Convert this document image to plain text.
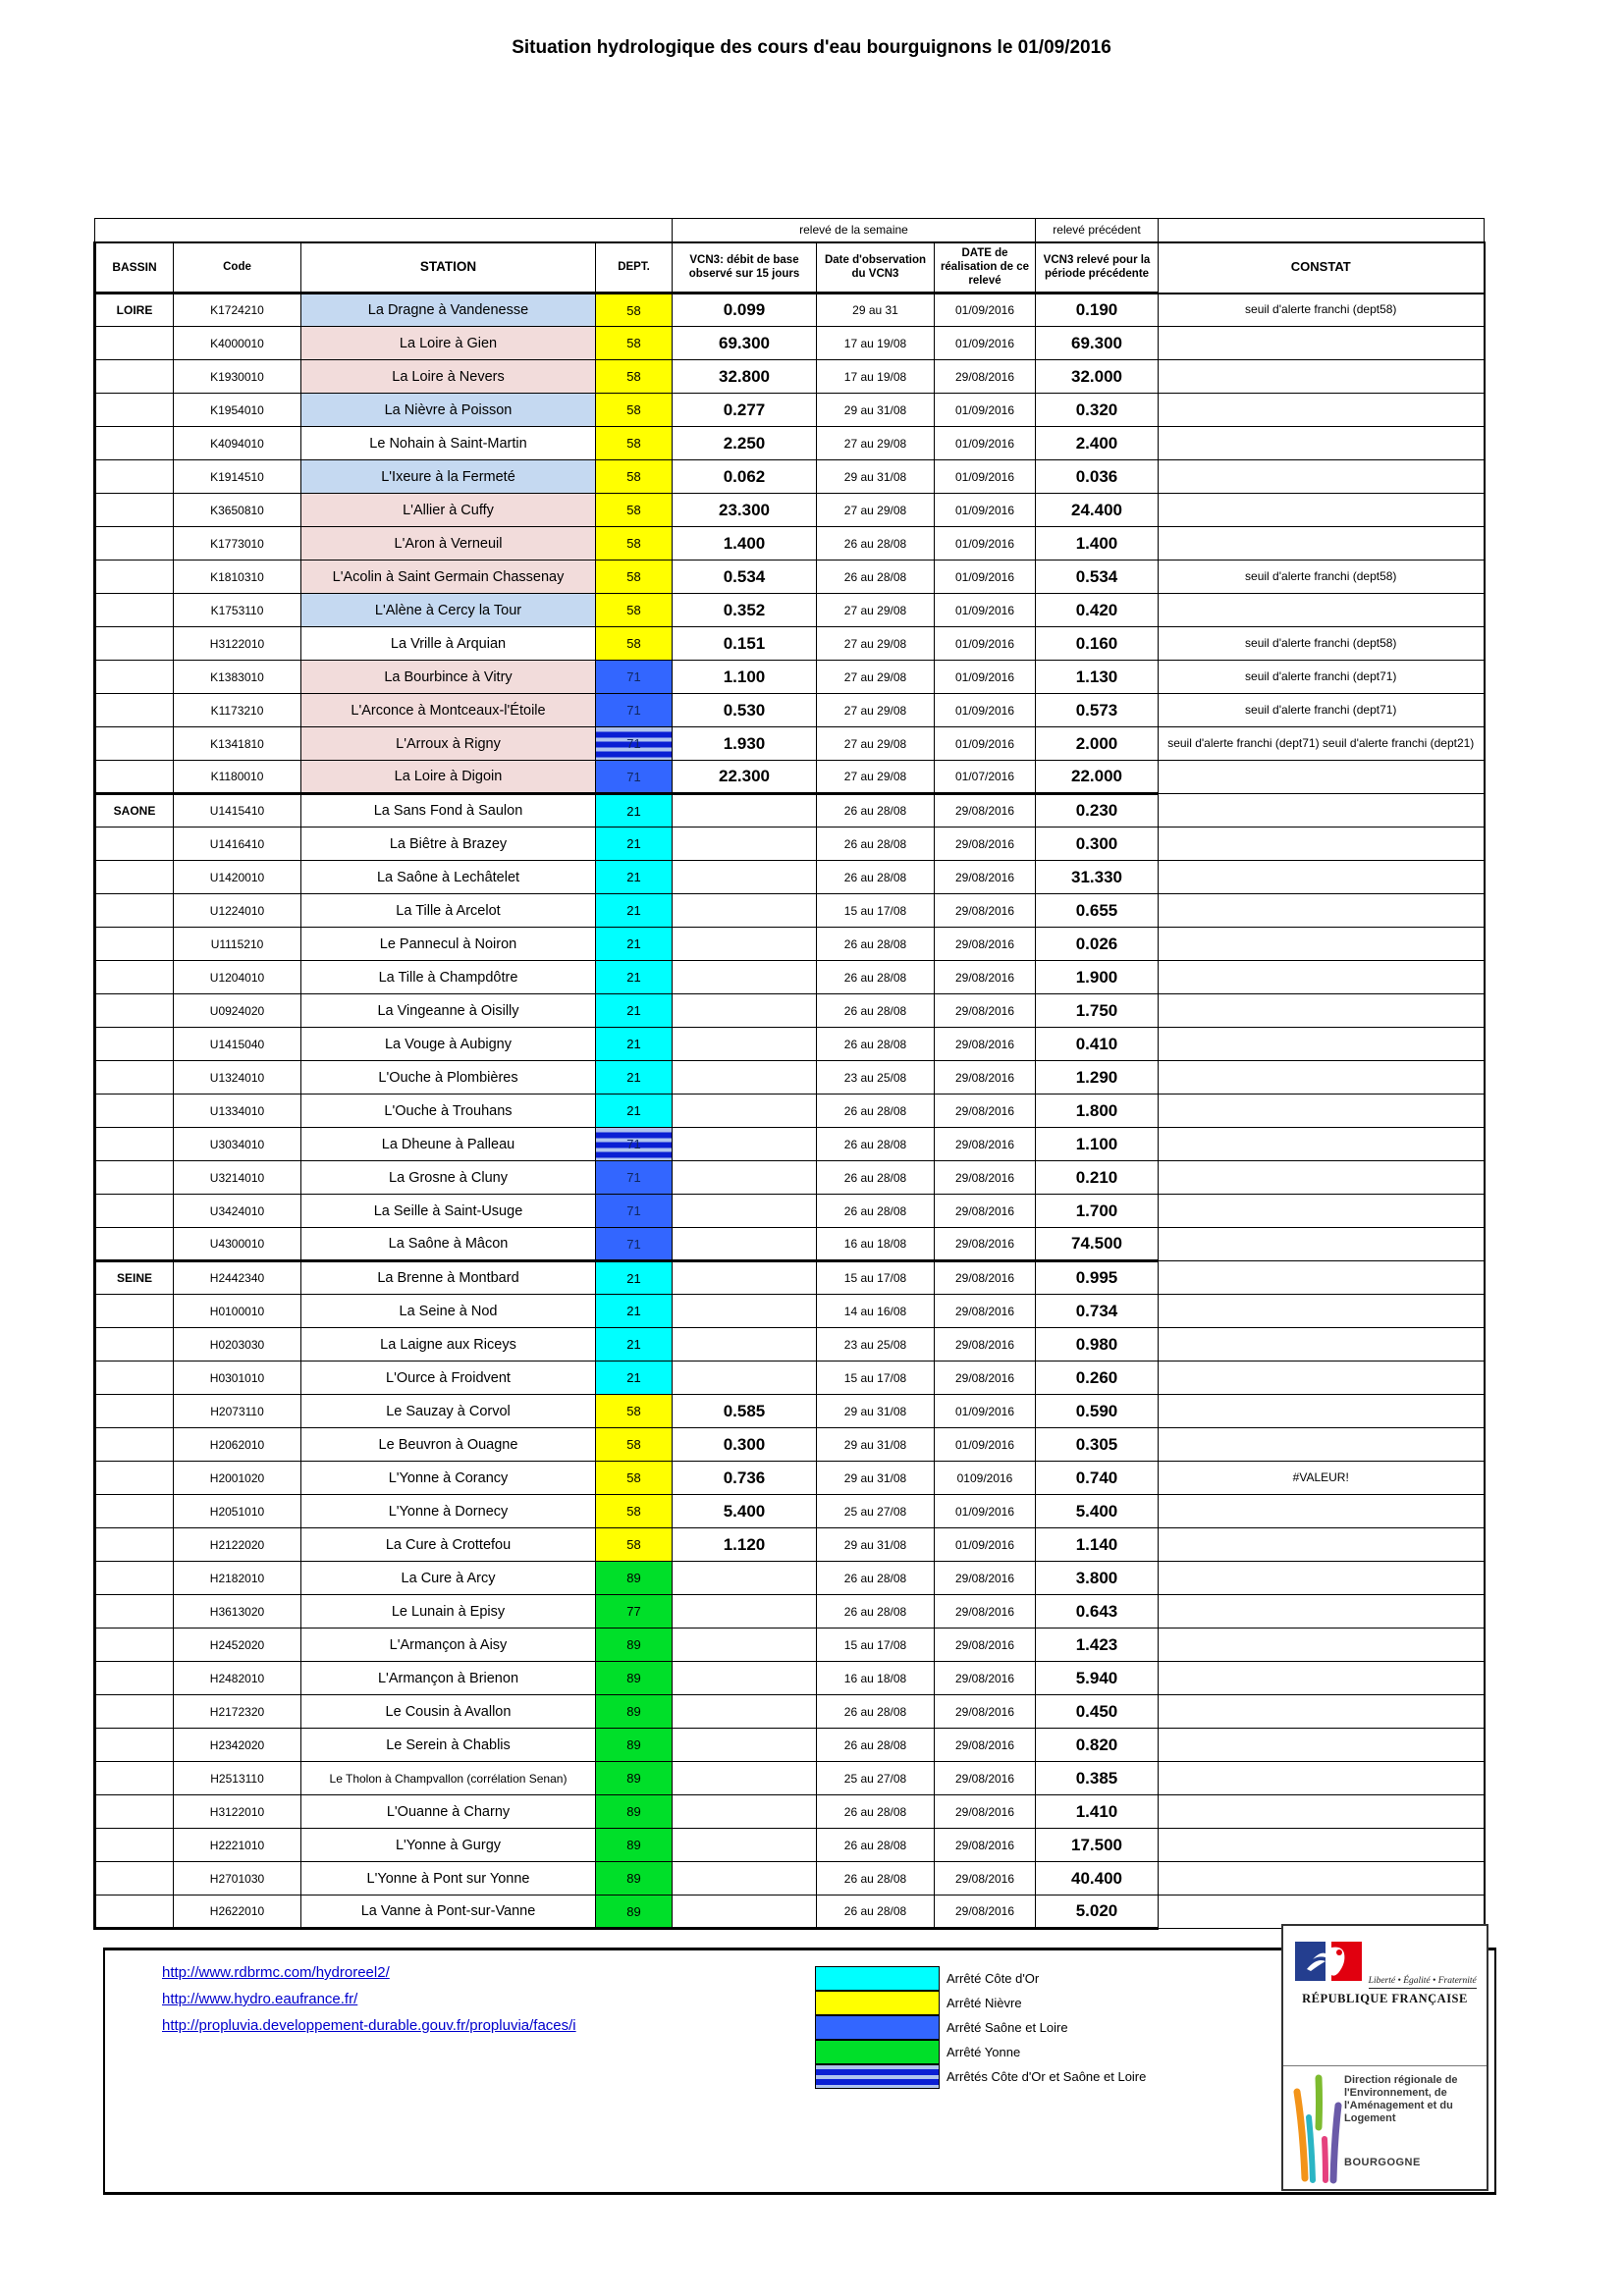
Situation hydrologique des cours d'eau bourguignons le 01/09/2016
				relevé de la semaine			relevé précédent	
BASSIN	Code	STATION	DEPT.	VCN3: débit de base observé sur 15 jours	Date d'observation du VCN3	DATE de réalisation de ce relevé	VCN3 relevé pour la période précédente	CONSTAT
LOIRE	K1724210	La Dragne à Vandenesse	58	0.099	29 au 31	01/09/2016	0.190	seuil d'alerte franchi (dept58)
	K4000010	La Loire à Gien	58	69.300	17 au 19/08	01/09/2016	69.300	
	K1930010	La Loire à Nevers	58	32.800	17 au 19/08	29/08/2016	32.000	
	K1954010	La Nièvre à Poisson	58	0.277	29 au 31/08	01/09/2016	0.320	
	K4094010	Le Nohain à Saint-Martin	58	2.250	27 au 29/08	01/09/2016	2.400	
	K1914510	L'Ixeure à la Fermeté	58	0.062	29 au 31/08	01/09/2016	0.036	
	K3650810	L'Allier à Cuffy	58	23.300	27 au 29/08	01/09/2016	24.400	
	K1773010	L'Aron à Verneuil	58	1.400	26 au 28/08	01/09/2016	1.400	
	K1810310	L'Acolin à Saint Germain Chassenay	58	0.534	26 au 28/08	01/09/2016	0.534	seuil d'alerte franchi (dept58)
	K1753110	L'Alène à Cercy la Tour	58	0.352	27 au 29/08	01/09/2016	0.420	
	H3122010	La Vrille à Arquian	58	0.151	27 au 29/08	01/09/2016	0.160	seuil d'alerte franchi (dept58)
	K1383010	La Bourbince à Vitry	71	1.100	27 au 29/08	01/09/2016	1.130	seuil d'alerte franchi (dept71)
	K1173210	L'Arconce à Montceaux-l'Étoile	71	0.530	27 au 29/08	01/09/2016	0.573	seuil d'alerte franchi (dept71)
	K1341810	L'Arroux à Rigny	71	1.930	27 au 29/08	01/09/2016	2.000	seuil d'alerte franchi (dept71) seuil d'alerte franchi (dept21)
	K1180010	La Loire à Digoin	71	22.300	27 au 29/08	01/07/2016	22.000	
SAONE	U1415410	La Sans Fond à Saulon	21		26 au 28/08	29/08/2016	0.230	
	U1416410	La Biêtre à Brazey	21		26 au 28/08	29/08/2016	0.300	
	U1420010	La Saône à Lechâtelet	21		26 au 28/08	29/08/2016	31.330	
	U1224010	La Tille à Arcelot	21		15 au 17/08	29/08/2016	0.655	
	U1115210	Le Pannecul à Noiron	21		26 au 28/08	29/08/2016	0.026	
	U1204010	La Tille à Champdôtre	21		26 au 28/08	29/08/2016	1.900	
	U0924020	La Vingeanne à Oisilly	21		26 au 28/08	29/08/2016	1.750	
	U1415040	La Vouge à Aubigny	21		26 au 28/08	29/08/2016	0.410	
	U1324010	L'Ouche à Plombières	21		23 au 25/08	29/08/2016	1.290	
	U1334010	L'Ouche à Trouhans	21		26 au 28/08	29/08/2016	1.800	
	U3034010	La Dheune à Palleau	71		26 au 28/08	29/08/2016	1.100	
	U3214010	La Grosne à Cluny	71		26 au 28/08	29/08/2016	0.210	
	U3424010	La Seille à Saint-Usuge	71		26 au 28/08	29/08/2016	1.700	
	U4300010	La Saône à Mâcon	71		16 au 18/08	29/08/2016	74.500	
SEINE	H2442340	La Brenne à Montbard	21		15 au 17/08	29/08/2016	0.995	
	H0100010	La Seine à Nod	21		14 au 16/08	29/08/2016	0.734	
	H0203030	La Laigne aux Riceys	21		23 au 25/08	29/08/2016	0.980	
	H0301010	L'Ource à Froidvent	21		15 au 17/08	29/08/2016	0.260	
	H2073110	Le Sauzay à Corvol	58	0.585	29 au 31/08	01/09/2016	0.590	
	H2062010	Le Beuvron à Ouagne	58	0.300	29 au 31/08	01/09/2016	0.305	
	H2001020	L'Yonne à Corancy	58	0.736	29 au 31/08	0109/2016	0.740	#VALEUR!
	H2051010	L'Yonne à Dornecy	58	5.400	25 au 27/08	01/09/2016	5.400	
	H2122020	La Cure à Crottefou	58	1.120	29 au 31/08	01/09/2016	1.140	
	H2182010	La Cure à Arcy	89		26 au 28/08	29/08/2016	3.800	
	H3613020	Le Lunain à Episy	77		26 au 28/08	29/08/2016	0.643	
	H2452020	L'Armançon à Aisy	89		15 au 17/08	29/08/2016	1.423	
	H2482010	L'Armançon à Brienon	89		16 au 18/08	29/08/2016	5.940	
	H2172320	Le Cousin à Avallon	89		26 au 28/08	29/08/2016	0.450	
	H2342020	Le Serein à Chablis	89		26 au 28/08	29/08/2016	0.820	
	H2513110	Le Tholon à Champvallon (corrélation Senan)	89		25 au 27/08	29/08/2016	0.385	
	H3122010	L'Ouanne à Charny	89		26 au 28/08	29/08/2016	1.410	
	H2221010	L'Yonne à Gurgy	89		26 au 28/08	29/08/2016	17.500	
	H2701030	L'Yonne à Pont sur Yonne	89		26 au 28/08	29/08/2016	40.400	
	H2622010	La Vanne à Pont-sur-Vanne	89		26 au 28/08	29/08/2016	5.020	
http://www.rdbrmc.com/hydroreel2/
http://www.hydro.eaufrance.fr/
http://propluvia.developpement-durable.gouv.fr/propluvia/faces/i
Arrêté Côte d'Or
Arrêté Nièvre
Arrêté Saône et Loire
Arrêté Yonne
Arrêtés Côte d'Or et Saône et Loire
Liberté • Égalité • Fraternité
RÉPUBLIQUE FRANÇAISE
Direction régionale de l'Environnement, de l'Aménagement et du Logement
BOURGOGNE
